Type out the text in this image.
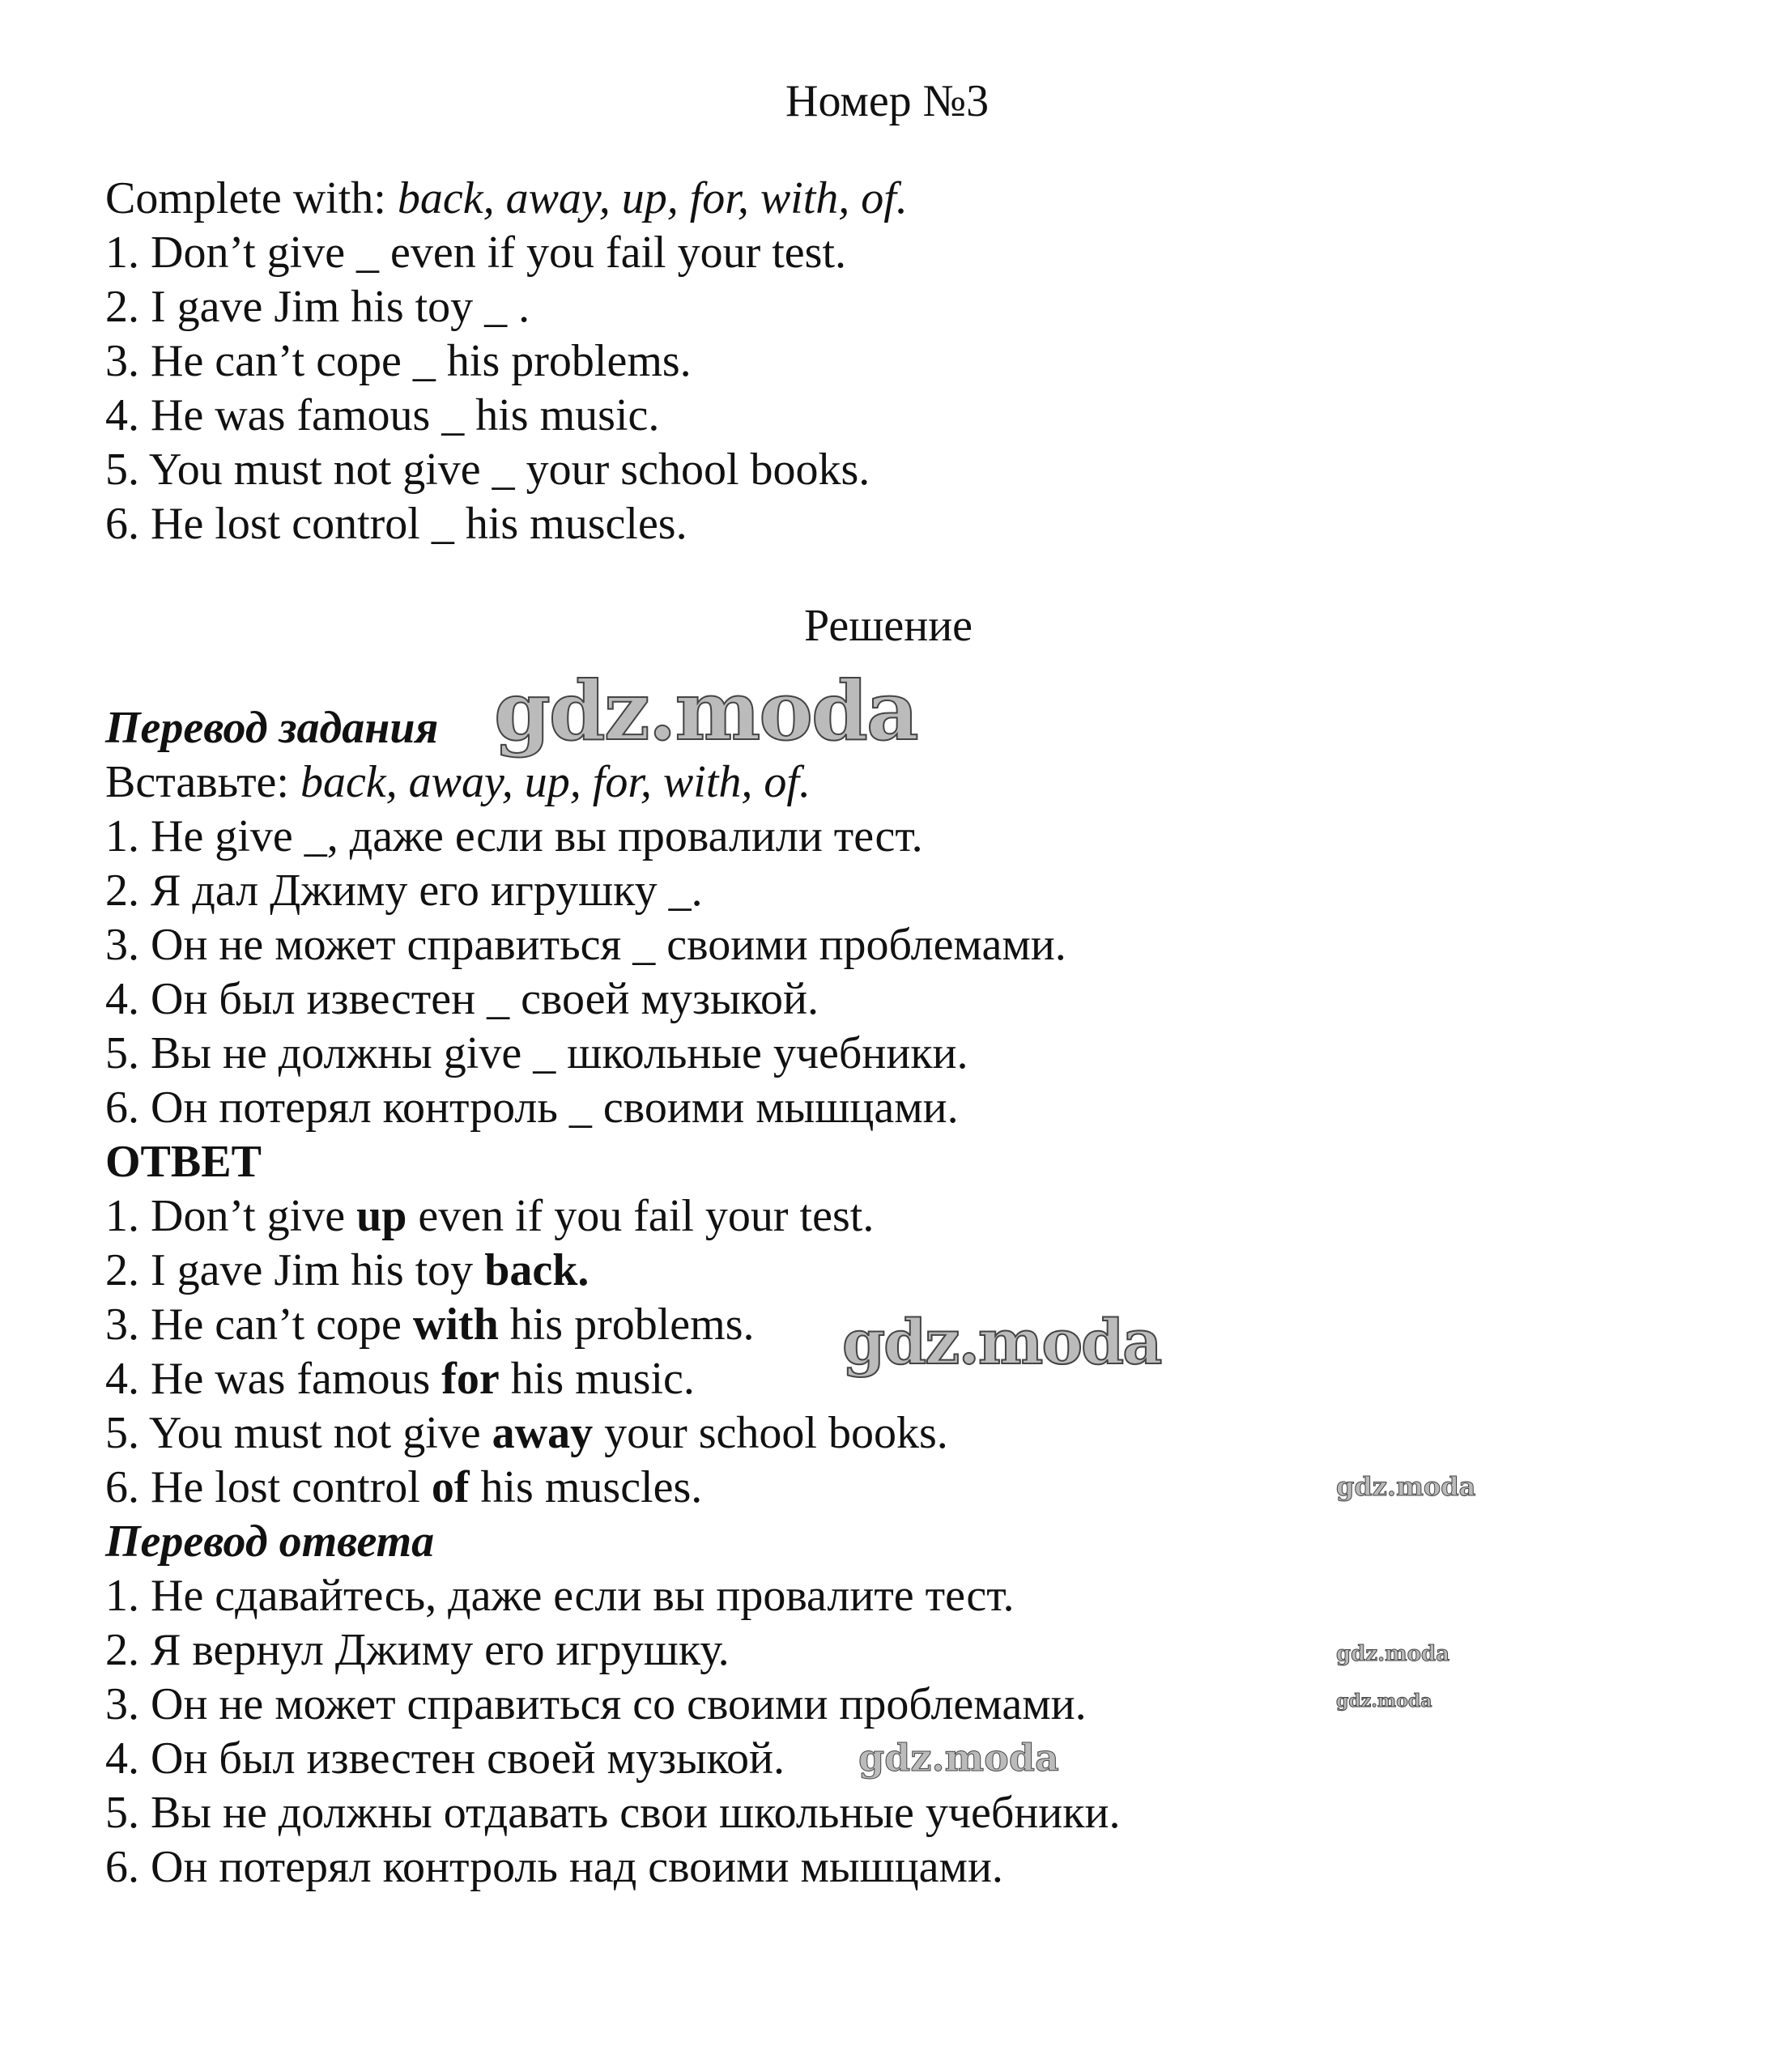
Номер №3
Complete with: back, away, up, for, with, of.
1. Don’t give _ even if you fail your test.
2. I gave Jim his toy _ .
3. He can’t cope _ his problems.
4. He was famous _ his music.
5. You must not give _ your school books.
6. He lost control _ his muscles.
Решение
Перевод задания
Вставьте: back, away, up, for, with, of.
1. Не give _, даже если вы провалили тест.
2. Я дал Джиму его игрушку _.
3. Он не может справиться _ своими проблемами.
4. Он был известен _ своей музыкой.
5. Вы не должны give _ школьные учебники.
6. Он потерял контроль _ своими мышцами.
ОТВЕТ
1. Don’t give up even if you fail your test.
2. I gave Jim his toy back.
3. He can’t cope with his problems.
4. He was famous for his music.
5. You must not give away your school books.
6. He lost control of his muscles.
Перевод ответа
1. Не сдавайтесь, даже если вы провалите тест.
2. Я вернул Джиму его игрушку.
3. Он не может справиться со своими проблемами.
4. Он был известен своей музыкой.
5. Вы не должны отдавать свои школьные учебники.
6. Он потерял контроль над своими мышцами.
gdz.moda
gdz.moda
gdz.moda
gdz.moda
gdz.moda
gdz.moda
